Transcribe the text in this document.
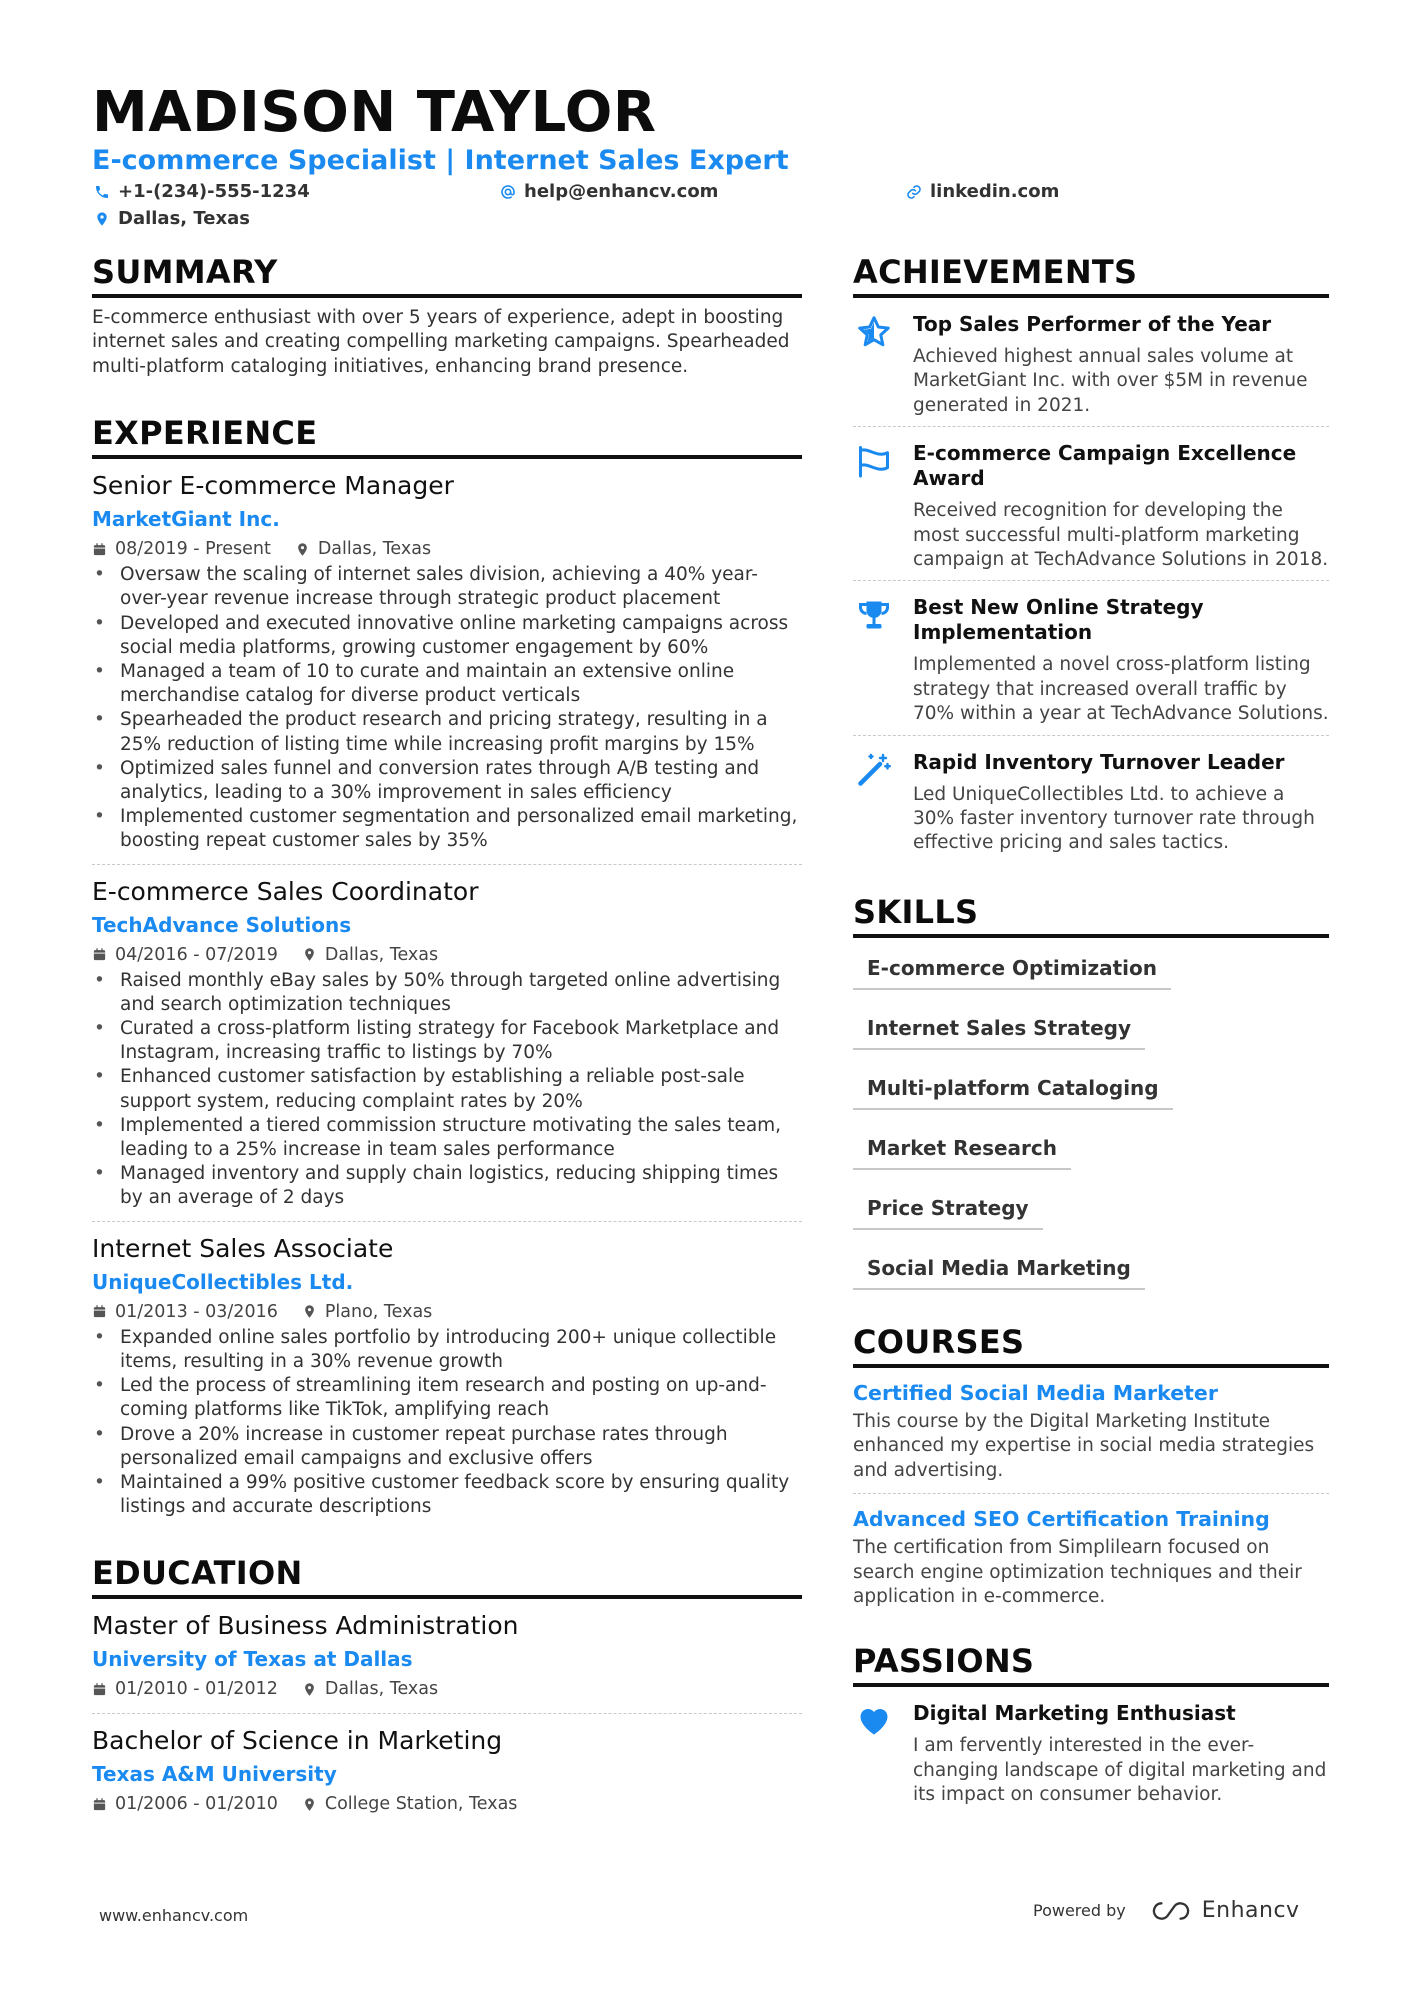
MADISON TAYLOR
E-commerce Specialist | Internet Sales Expert
+1-(234)-555-1234	help@enhancv.com	linkedin.com
Dallas, Texas
SUMMARY
E-commerce enthusiast with over 5 years of experience, adept in boosting internet sales and creating compelling marketing campaigns. Spearheaded multi-platform cataloging initiatives, enhancing brand presence.
EXPERIENCE
Senior E-commerce Manager
MarketGiant Inc.
08/2019 - Present	Dallas, Texas
• Oversaw the scaling of internet sales division, achieving a 40% year-over-year revenue increase through strategic product placement
• Developed and executed innovative online marketing campaigns across social media platforms, growing customer engagement by 60%
• Managed a team of 10 to curate and maintain an extensive online merchandise catalog for diverse product verticals
• Spearheaded the product research and pricing strategy, resulting in a 25% reduction of listing time while increasing profit margins by 15%
• Optimized sales funnel and conversion rates through A/B testing and analytics, leading to a 30% improvement in sales efficiency
• Implemented customer segmentation and personalized email marketing, boosting repeat customer sales by 35%
E-commerce Sales Coordinator
TechAdvance Solutions
04/2016 - 07/2019	Dallas, Texas
• Raised monthly eBay sales by 50% through targeted online advertising and search optimization techniques
• Curated a cross-platform listing strategy for Facebook Marketplace and Instagram, increasing traffic to listings by 70%
• Enhanced customer satisfaction by establishing a reliable post-sale support system, reducing complaint rates by 20%
• Implemented a tiered commission structure motivating the sales team, leading to a 25% increase in team sales performance
• Managed inventory and supply chain logistics, reducing shipping times by an average of 2 days
Internet Sales Associate
UniqueCollectibles Ltd.
01/2013 - 03/2016	Plano, Texas
• Expanded online sales portfolio by introducing 200+ unique collectible items, resulting in a 30% revenue growth
• Led the process of streamlining item research and posting on up-and-coming platforms like TikTok, amplifying reach
• Drove a 20% increase in customer repeat purchase rates through personalized email campaigns and exclusive offers
• Maintained a 99% positive customer feedback score by ensuring quality listings and accurate descriptions
EDUCATION
Master of Business Administration
University of Texas at Dallas
01/2010 - 01/2012	Dallas, Texas
Bachelor of Science in Marketing
Texas A&M University
01/2006 - 01/2010	College Station, Texas
ACHIEVEMENTS
Top Sales Performer of the Year
Achieved highest annual sales volume at MarketGiant Inc. with over $5M in revenue generated in 2021.
E-commerce Campaign Excellence Award
Received recognition for developing the most successful multi-platform marketing campaign at TechAdvance Solutions in 2018.
Best New Online Strategy Implementation
Implemented a novel cross-platform listing strategy that increased overall traffic by 70% within a year at TechAdvance Solutions.
Rapid Inventory Turnover Leader
Led UniqueCollectibles Ltd. to achieve a 30% faster inventory turnover rate through effective pricing and sales tactics.
SKILLS
E-commerce Optimization
Internet Sales Strategy
Multi-platform Cataloging
Market Research
Price Strategy
Social Media Marketing
COURSES
Certified Social Media Marketer
This course by the Digital Marketing Institute enhanced my expertise in social media strategies and advertising.
Advanced SEO Certification Training
The certification from Simplilearn focused on search engine optimization techniques and their application in e-commerce.
PASSIONS
Digital Marketing Enthusiast
I am fervently interested in the ever-changing landscape of digital marketing and its impact on consumer behavior.
www.enhancv.com	Powered by	Enhancv
